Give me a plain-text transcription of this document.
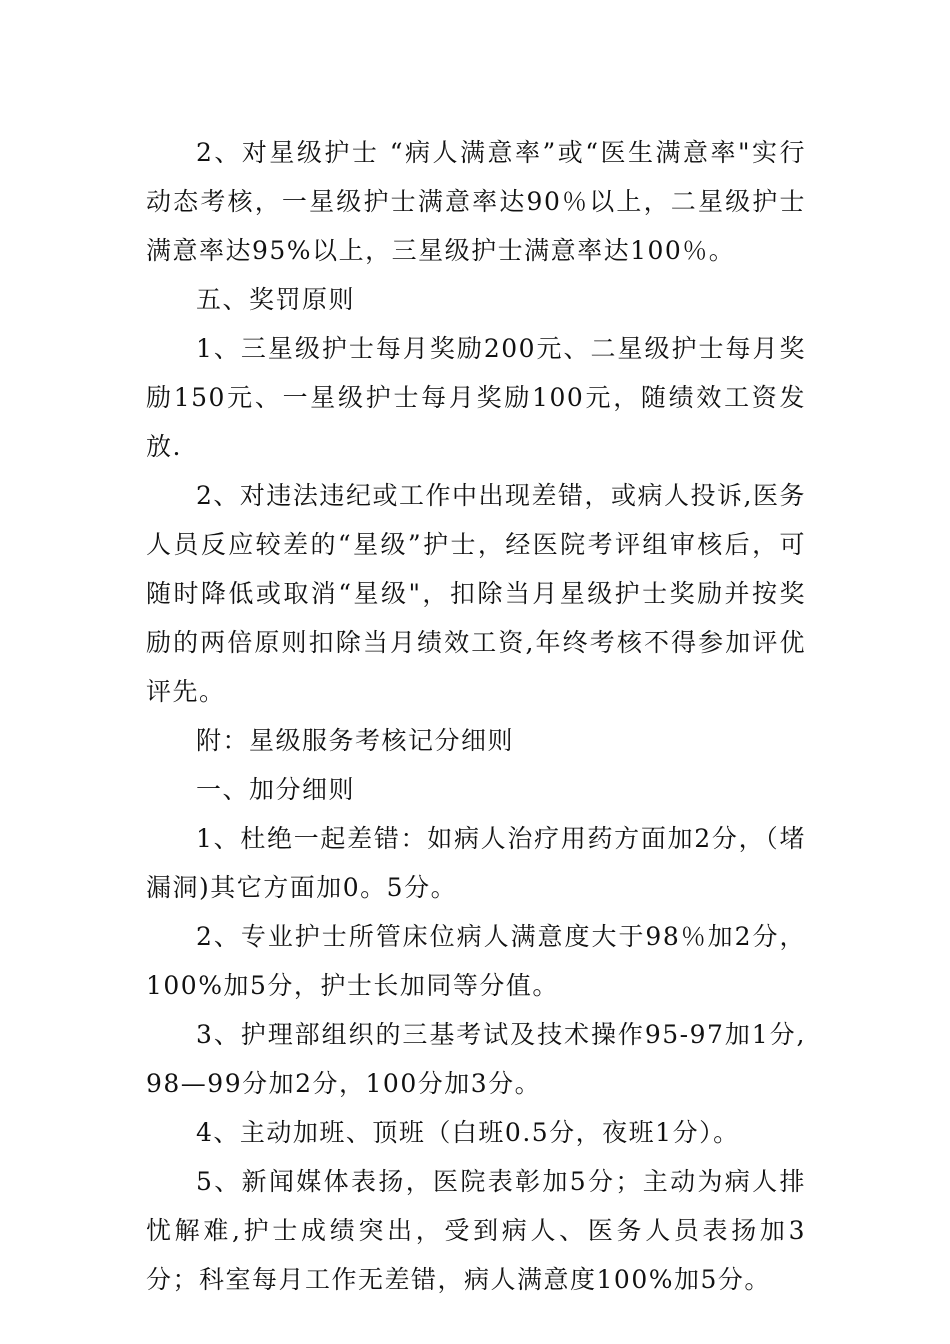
2、对星级护士 “病人满意率”或“医生满意率"实行动态考核，一星级护士满意率达90％以上，二星级护士满意率达95%以上，三星级护士满意率达100％。

五、奖罚原则

1、三星级护士每月奖励200元、二星级护士每月奖励150元、一星级护士每月奖励100元，随绩效工资发放.

2、对违法违纪或工作中出现差错，或病人投诉,医务人员反应较差的“星级”护士，经医院考评组审核后，可随时降低或取消“星级"，扣除当月星级护士奖励并按奖励的两倍原则扣除当月绩效工资,年终考核不得参加评优评先。

附：星级服务考核记分细则

一、加分细则

1、杜绝一起差错：如病人治疗用药方面加2分，（堵漏洞)其它方面加0。5分。

2、专业护士所管床位病人满意度大于98％加2分，100%加5分，护士长加同等分值。

3、护理部组织的三基考试及技术操作95-97加1分,98—99分加2分，100分加3分。

4、主动加班、顶班（白班0.5分，夜班1分）。

5、新闻媒体表扬，医院表彰加5分；主动为病人排忧解难,护士成绩突出，受到病人、医务人员表扬加3分；科室每月工作无差错，病人满意度100%加5分。
